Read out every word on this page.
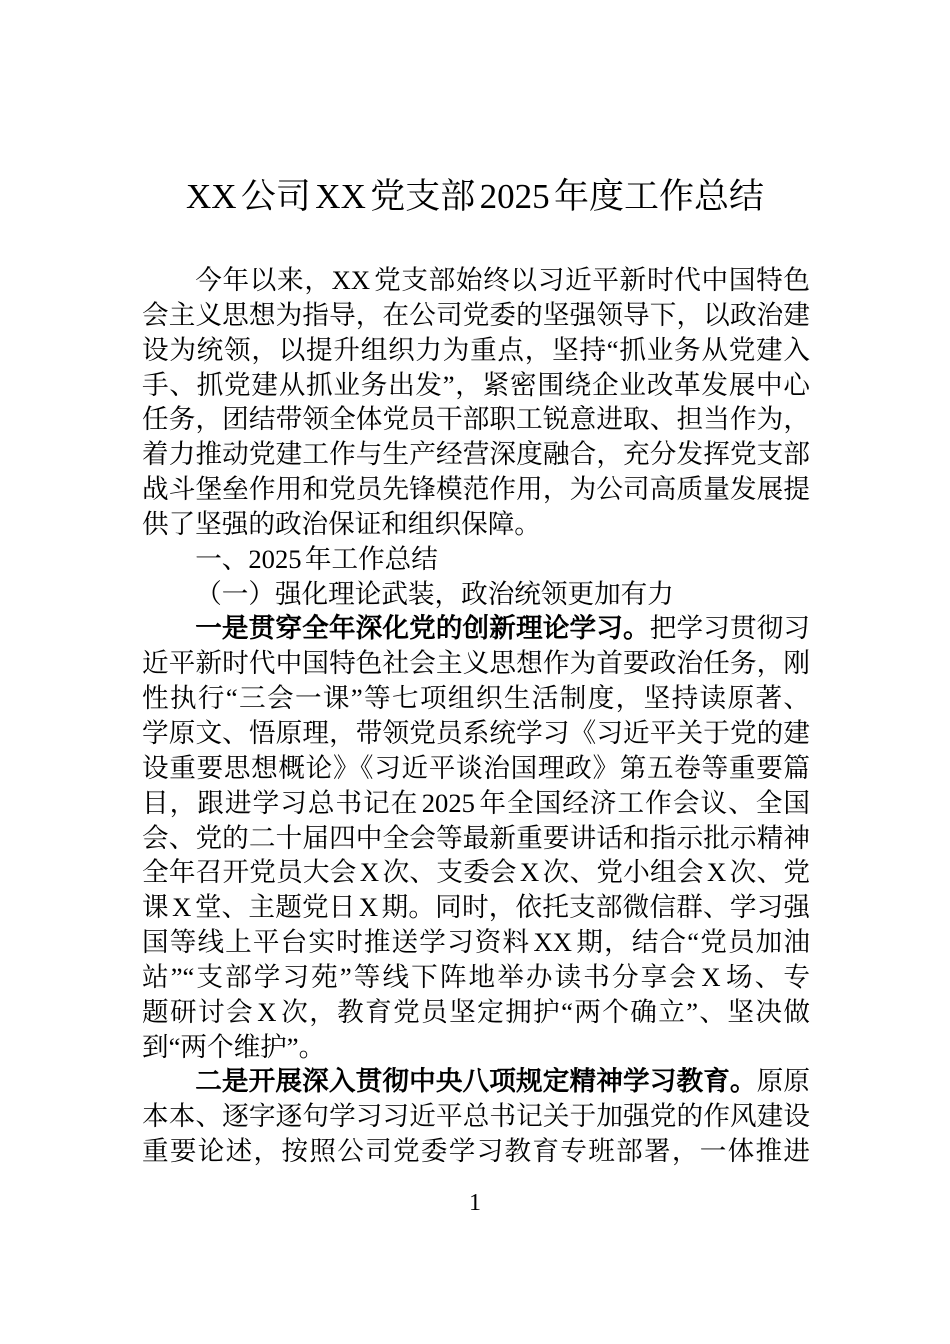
XX公司XX党支部2025年度工作总结
今年以来，XX党支部始终以习近平新时代中国特色
会主义思想为指导，在公司党委的坚强领导下，以政治建
设为统领，以提升组织力为重点，坚持“抓业务从党建入
手、抓党建从抓业务出发”，紧密围绕企业改革发展中心
任务，团结带领全体党员干部职工锐意进取、担当作为，
着力推动党建工作与生产经营深度融合，充分发挥党支部
战斗堡垒作用和党员先锋模范作用，为公司高质量发展提
供了坚强的政治保证和组织保障。
一、2025年工作总结
（一）强化理论武装，政治统领更加有力
一是贯穿全年深化党的创新理论学习。把学习贯彻习
近平新时代中国特色社会主义思想作为首要政治任务，刚
性执行“三会一课”等七项组织生活制度，坚持读原著、
学原文、悟原理，带领党员系统学习《习近平关于党的建
设重要思想概论》《习近平谈治国理政》第五卷等重要篇
目，跟进学习总书记在2025年全国经济工作会议、全国
会、党的二十届四中全会等最新重要讲话和指示批示精神
全年召开党员大会X次、支委会X次、党小组会X次、党
课X堂、主题党日X期。同时，依托支部微信群、学习强
国等线上平台实时推送学习资料XX期，结合“党员加油
站”“支部学习苑”等线下阵地举办读书分享会X场、专
题研讨会X次，教育党员坚定拥护“两个确立”、坚决做
到“两个维护”。
二是开展深入贯彻中央八项规定精神学习教育。原原
本本、逐字逐句学习习近平总书记关于加强党的作风建设
重要论述，按照公司党委学习教育专班部署，一体推进
1
